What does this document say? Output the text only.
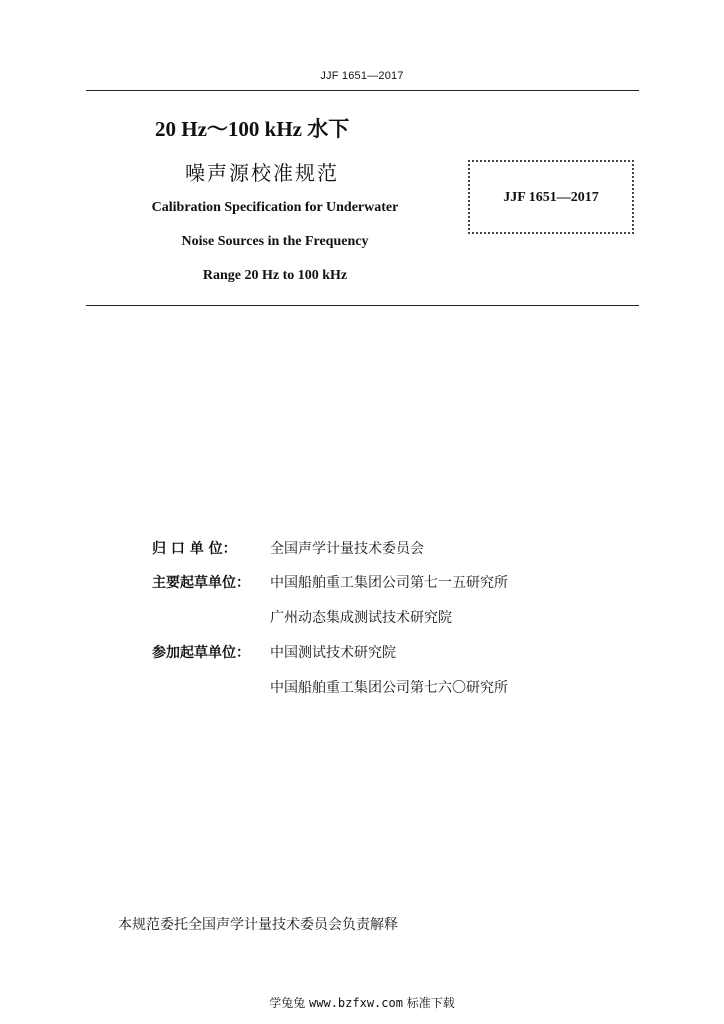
JJF 1651—2017
20 Hz～100 kHz 水下
噪声源校准规范
Calibration Specification for Underwater
Noise Sources in the Frequency
Range 20 Hz to 100 kHz
JJF 1651—2017
归 口 单 位： 全国声学计量技术委员会
主要起草单位： 中国船舶重工集团公司第七一五研究所
广州动态集成测试技术研究院
参加起草单位： 中国测试技术研究院
中国船舶重工集团公司第七六〇研究所
本规范委托全国声学计量技术委员会负责解释
学兔兔 www.bzfxw.com 标准下载
